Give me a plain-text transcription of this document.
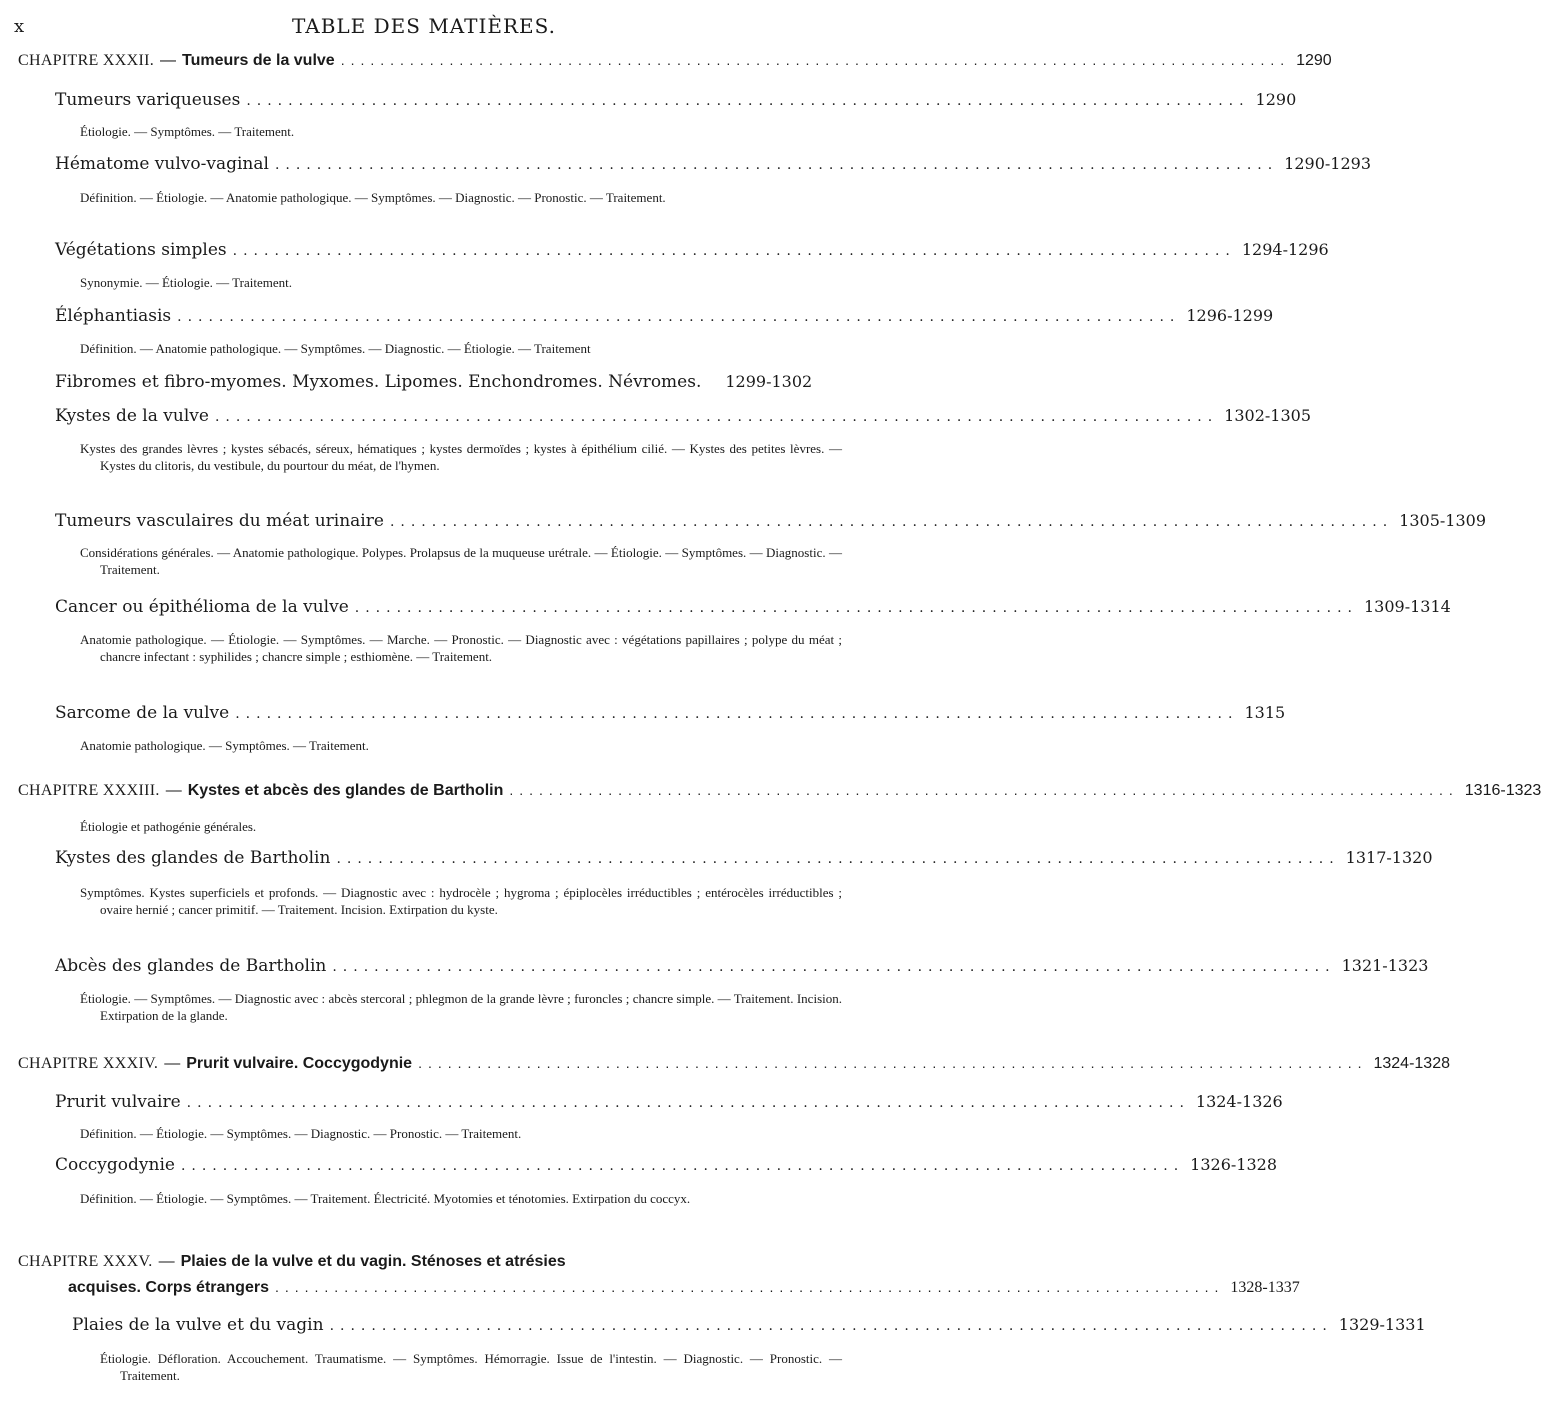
x	TABLE DES MATIÈRES.
CHAPITRE XXXII. — Tumeurs de la vulve ................................................................................................ 1290
Tumeurs variqueuses ................................................................................................ 1290
Étiologie. — Symptômes. — Traitement.
Hématome vulvo-vaginal ................................................................................................ 1290-1293
Définition. — Étiologie. — Anatomie pathologique. — Symptômes. — Diagnostic. — Pronostic. — Traitement.
Végétations simples ................................................................................................ 1294-1296
Synonymie. — Étiologie. — Traitement.
Éléphantiasis ................................................................................................ 1296-1299
Définition. — Anatomie pathologique. — Symptômes. — Diagnostic. — Étiologie. — Traitement
Fibromes et fibro-myomes. Myxomes. Lipomes. Enchondromes. Névromes. 1299-1302
Kystes de la vulve ................................................................................................ 1302-1305
Kystes des grandes lèvres ; kystes sébacés, séreux, hématiques ; kystes dermoïdes ; kystes à épithélium cilié. — Kystes des petites lèvres. — Kystes du clitoris, du vestibule, du pourtour du méat, de l'hymen.
Tumeurs vasculaires du méat urinaire ................................................................................................ 1305-1309
Considérations générales. — Anatomie pathologique. Polypes. Prolapsus de la muqueuse urétrale. — Étiologie. — Symptômes. — Diagnostic. — Traitement.
Cancer ou épithélioma de la vulve ................................................................................................ 1309-1314
Anatomie pathologique. — Étiologie. — Symptômes. — Marche. — Pronostic. — Diagnostic avec : végétations papillaires ; polype du méat ; chancre infectant : syphilides ; chancre simple ; esthiomène. — Traitement.
Sarcome de la vulve ................................................................................................ 1315
Anatomie pathologique. — Symptômes. — Traitement.
CHAPITRE XXXIII. — Kystes et abcès des glandes de Bartholin ................................................................................................ 1316-1323
Étiologie et pathogénie générales.
Kystes des glandes de Bartholin ................................................................................................ 1317-1320
Symptômes. Kystes superficiels et profonds. — Diagnostic avec : hydrocèle ; hygroma ; épiplocèles irréductibles ; entérocèles irréductibles ; ovaire hernié ; cancer primitif. — Traitement. Incision. Extirpation du kyste.
Abcès des glandes de Bartholin ................................................................................................ 1321-1323
Étiologie. — Symptômes. — Diagnostic avec : abcès stercoral ; phlegmon de la grande lèvre ; furoncles ; chancre simple. — Traitement. Incision. Extirpation de la glande.
CHAPITRE XXXIV. — Prurit vulvaire. Coccygodynie ................................................................................................ 1324-1328
Prurit vulvaire ................................................................................................ 1324-1326
Définition. — Étiologie. — Symptômes. — Diagnostic. — Pronostic. — Traitement.
Coccygodynie ................................................................................................ 1326-1328
Définition. — Étiologie. — Symptômes. — Traitement. Électricité. Myotomies et ténotomies. Extirpation du coccyx.
CHAPITRE XXXV. — Plaies de la vulve et du vagin. Sténoses et atrésies
acquises. Corps étrangers ................................................................................................ 1328-1337
Plaies de la vulve et du vagin ................................................................................................ 1329-1331
Étiologie. Défloration. Accouchement. Traumatisme. — Symptômes. Hémorragie. Issue de l'intestin. — Diagnostic. — Pronostic. — Traitement.
